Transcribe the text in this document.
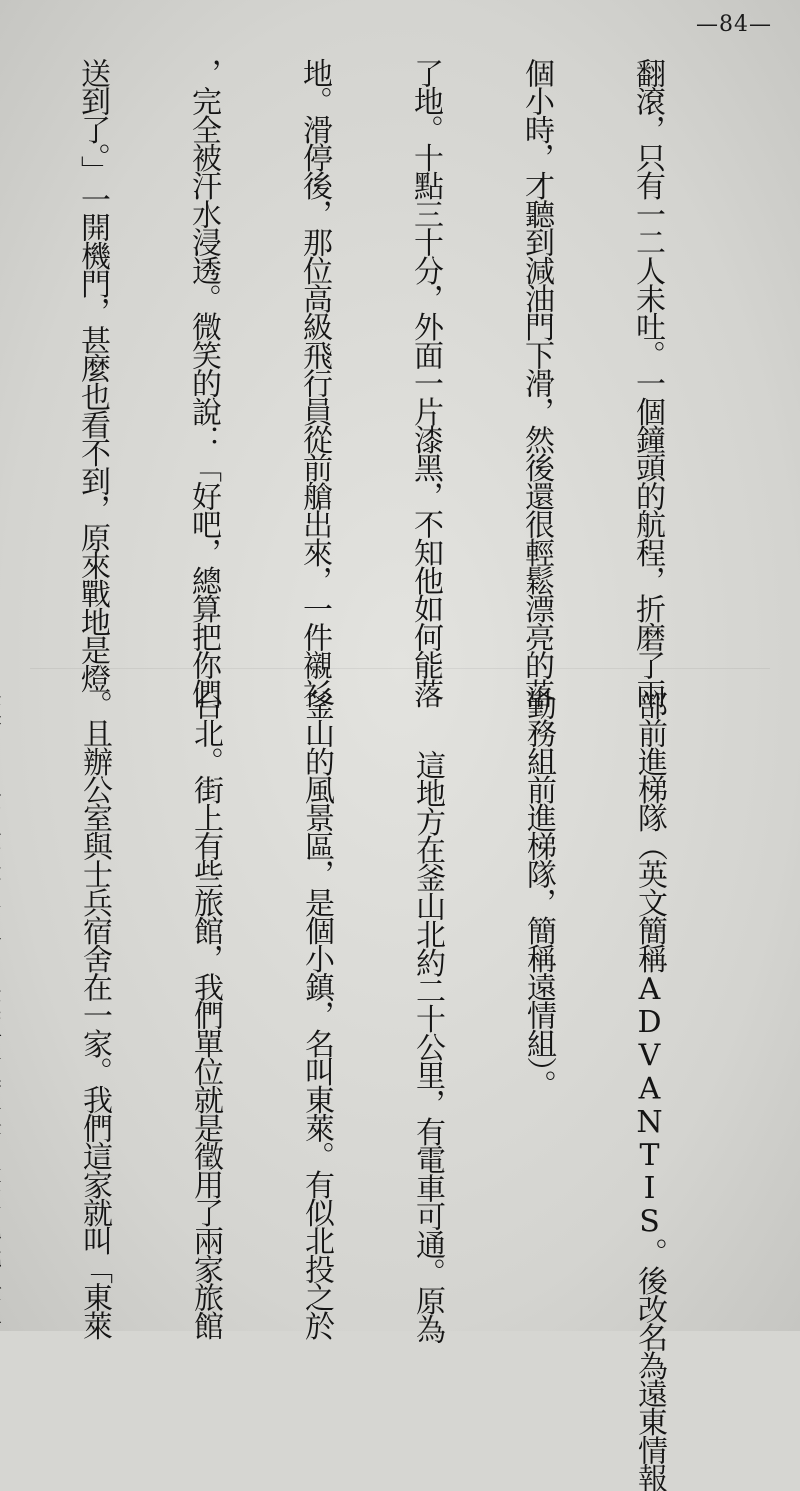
—84—

翻滾，只有一二人未吐。一個鐘頭的航程，折磨了兩

個小時，才聽到減油門下滑，然後還很輕鬆漂亮的落

了地。十點三十分，外面一片漆黑，不知他如何能落

地。滑停後，那位高級飛行員從前艙出來，一件襯衫

，完全被汗水浸透。微笑的說：「好吧，總算把你們

送到了。」一開機門，甚麼也看不到，原來戰地是燈

部前進梯隊（英文簡稱ADVANTIS。後改名為遠東情報

勤務組前進梯隊，簡稱遠情組）。

這地方在釜山北約二十公里，有電車可通。原為

釜山的風景區，是個小鎮，名叫東萊。有似北投之於

台北。街上有些旅館，我們單位就是徵用了兩家旅館

。且辦公室與士兵宿舍在一家。我們這家就叫「東萊
